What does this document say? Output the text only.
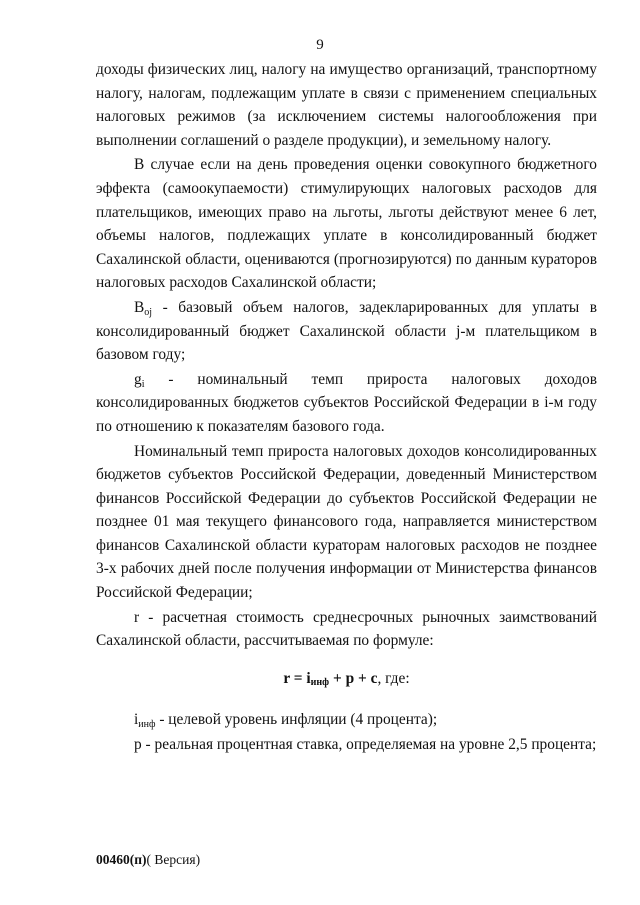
9

доходы физических лиц, налогу на имущество организаций, транспортному налогу, налогам, подлежащим уплате в связи с применением специальных налоговых режимов (за исключением системы налогообложения при выполнении соглашений о разделе продукции), и земельному налогу.

В случае если на день проведения оценки совокупного бюджетного эффекта (самоокупаемости) стимулирующих налоговых расходов для плательщиков, имеющих право на льготы, льготы действуют менее 6 лет, объемы налогов, подлежащих уплате в консолидированный бюджет Сахалинской области, оцениваются (прогнозируются) по данным кураторов налоговых расходов Сахалинской области;

$B_{oj}$ - базовый объем налогов, задекларированных для уплаты в консолидированный бюджет Сахалинской области j-м плательщиком в базовом году;

$g_i$ - номинальный темп прироста налоговых доходов консолидированных бюджетов субъектов Российской Федерации в i-м году по отношению к показателям базового года.

Номинальный темп прироста налоговых доходов консолидированных бюджетов субъектов Российской Федерации, доведенный Министерством финансов Российской Федерации до субъектов Российской Федерации не позднее 01 мая текущего финансового года, направляется министерством финансов Сахалинской области кураторам налоговых расходов не позднее 3-х рабочих дней после получения информации от Министерства финансов Российской Федерации;

r - расчетная стоимость среднесрочных рыночных заимствований Сахалинской области, рассчитываемая по формуле:

$r = i_{инф} + p + c$, где:

$i_{инф}$ - целевой уровень инфляции (4 процента);

p - реальная процентная ставка, определяемая на уровне 2,5 процента;

00460(п)( Версия)
